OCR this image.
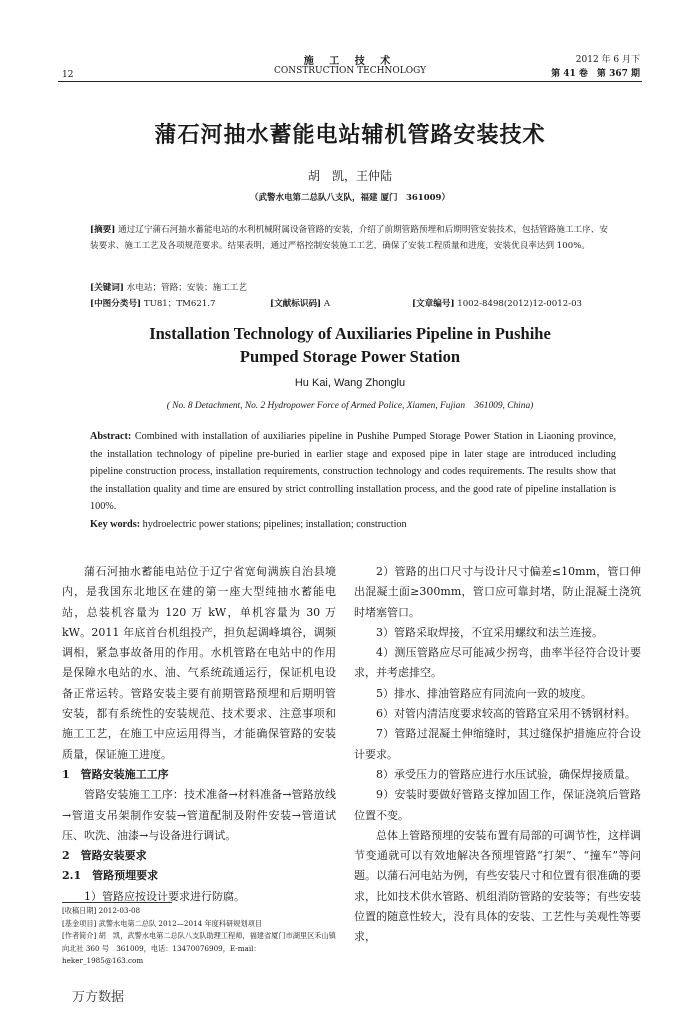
施 工 技 术
CONSTRUCTION TECHNOLOGY
12
2012 年 6 月下
第 41 卷　第 367 期
蒲石河抽水蓄能电站辅机管路安装技术
胡　凯，王仲陆
（武警水电第二总队八支队，福建 厦门　361009）
[摘要] 通过辽宁蒲石河抽水蓄能电站的水利机械附属设备管路的安装，介绍了前期管路预埋和后期明管安装技术，包括管路施工工序、安装要求、施工工艺及各项规范要求。结果表明，通过严格控制安装施工工艺，确保了安装工程质量和进度，安装优良率达到 100%。
[关键词] 水电站；管路；安装；施工工艺
[中图分类号] TU81；TM621.7	[文献标识码] A	[文章编号] 1002-8498(2012)12-0012-03
Installation Technology of Auxiliaries Pipeline in Pushihe
Pumped Storage Power Station
Hu Kai, Wang Zhonglu
( No. 8 Detachment, No. 2 Hydropower Force of Armed Police, Xiamen, Fujian　361009, China)
Abstract: Combined with installation of auxiliaries pipeline in Pushihe Pumped Storage Power Station in Liaoning province, the installation technology of pipeline pre-buried in earlier stage and exposed pipe in later stage are introduced including pipeline construction process, installation requirements, construction technology and codes requirements. The results show that the installation quality and time are ensured by strict controlling installation process, and the good rate of pipeline installation is 100%.
Key words: hydroelectric power stations; pipelines; installation; construction

蒲石河抽水蓄能电站位于辽宁省宽甸满族自治县境内，是我国东北地区在建的第一座大型纯抽水蓄能电站，总装机容量为 120 万 kW，单机容量为 30 万 kW。2011 年底首台机组投产，担负起调峰填谷，调频调相，紧急事故备用的作用。水机管路在电站中的作用是保障水电站的水、油、气系统疏通运行，保证机电设备正常运转。管路安装主要有前期管路预埋和后期明管安装，都有系统性的安装规范、技术要求、注意事项和施工工艺，在施工中应运用得当，才能确保管路的安装质量，保证施工进度。

1　管路安装施工工序

管路安装施工工序：技术准备→材料准备→管路放线→管道支吊架制作安装→管道配制及附件安装→管道试压、吹洗、油漆→与设备进行调试。

2　管路安装要求
2.1　管路预埋要求

1）管路应按设计要求进行防腐。

[收稿日期] 2012-03-08
[基金项目] 武警水电第二总队 2012—2014 年度科研规划项目
[作者简介] 胡　凯，武警水电第二总队八支队助理工程师，福建省厦门市湖里区禾山镇向北社 360 号　361009，电话：13470076909，E-mail：heker_1985@163.com

2）管路的出口尺寸与设计尺寸偏差≤10mm，管口伸出混凝土面≥300mm，管口应可靠封堵，防止混凝土浇筑时堵塞管口。

3）管路采取焊接，不宜采用螺纹和法兰连接。

4）测压管路应尽可能减少拐弯，曲率半径符合设计要求，并考虑排空。

5）排水、排油管路应有同流向一致的坡度。

6）对管内清洁度要求较高的管路宜采用不锈钢材料。

7）管路过混凝土伸缩缝时，其过缝保护措施应符合设计要求。

8）承受压力的管路应进行水压试验，确保焊接质量。

9）安装时要做好管路支撑加固工作，保证浇筑后管路位置不变。

总体上管路预埋的安装布置有局部的可调节性，这样调节变通就可以有效地解决各预埋管路“打架”、“撞车”等问题。以蒲石河电站为例，有些安装尺寸和位置有很准确的要求，比如技术供水管路、机组消防管路的安装等；有些安装位置的随意性较大，没有具体的安装、工艺性与美观性等要求，

万方数据
